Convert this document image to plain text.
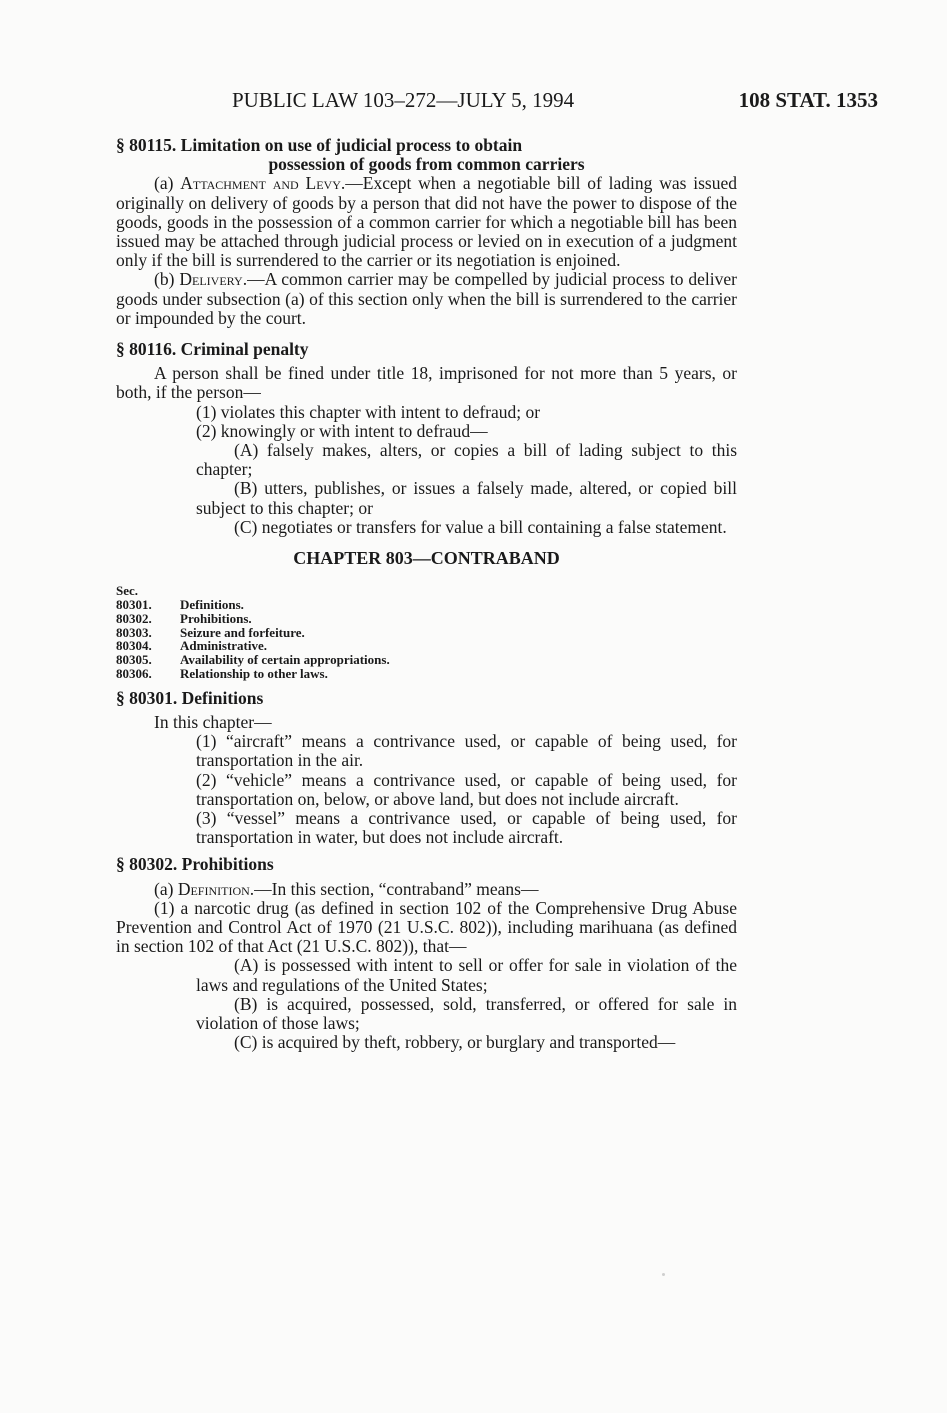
PUBLIC LAW 103–272—JULY 5, 1994	108 STAT. 1353
§ 80115. Limitation on use of judicial process to obtain
possession of goods from common carriers

(a) Attachment and Levy.—Except when a negotiable bill of lading was issued originally on delivery of goods by a person that did not have the power to dispose of the goods, goods in the possession of a common carrier for which a negotiable bill has been issued may be attached through judicial process or levied on in execution of a judgment only if the bill is surrendered to the carrier or its negotiation is enjoined.

(b) Delivery.—A common carrier may be compelled by judicial process to deliver goods under subsection (a) of this section only when the bill is surrendered to the carrier or impounded by the court.

§ 80116. Criminal penalty

A person shall be fined under title 18, imprisoned for not more than 5 years, or both, if the person—

(1) violates this chapter with intent to defraud; or

(2) knowingly or with intent to defraud—

(A) falsely makes, alters, or copies a bill of lading subject to this chapter;

(B) utters, publishes, or issues a falsely made, altered, or copied bill subject to this chapter; or

(C) negotiates or transfers for value a bill containing a false statement.

CHAPTER 803—CONTRABAND
Sec.
80301.	Definitions.
80302.	Prohibitions.
80303.	Seizure and forfeiture.
80304.	Administrative.
80305.	Availability of certain appropriations.
80306.	Relationship to other laws.
§ 80301. Definitions

In this chapter—

(1) “aircraft” means a contrivance used, or capable of being used, for transportation in the air.

(2) “vehicle” means a contrivance used, or capable of being used, for transportation on, below, or above land, but does not include aircraft.

(3) “vessel” means a contrivance used, or capable of being used, for transportation in water, but does not include aircraft.

§ 80302. Prohibitions

(a) Definition.—In this section, “contraband” means—

(1) a narcotic drug (as defined in section 102 of the Comprehensive Drug Abuse Prevention and Control Act of 1970 (21 U.S.C. 802)), including marihuana (as defined in section 102 of that Act (21 U.S.C. 802)), that—

(A) is possessed with intent to sell or offer for sale in violation of the laws and regulations of the United States;

(B) is acquired, possessed, sold, transferred, or offered for sale in violation of those laws;

(C) is acquired by theft, robbery, or burglary and transported—
